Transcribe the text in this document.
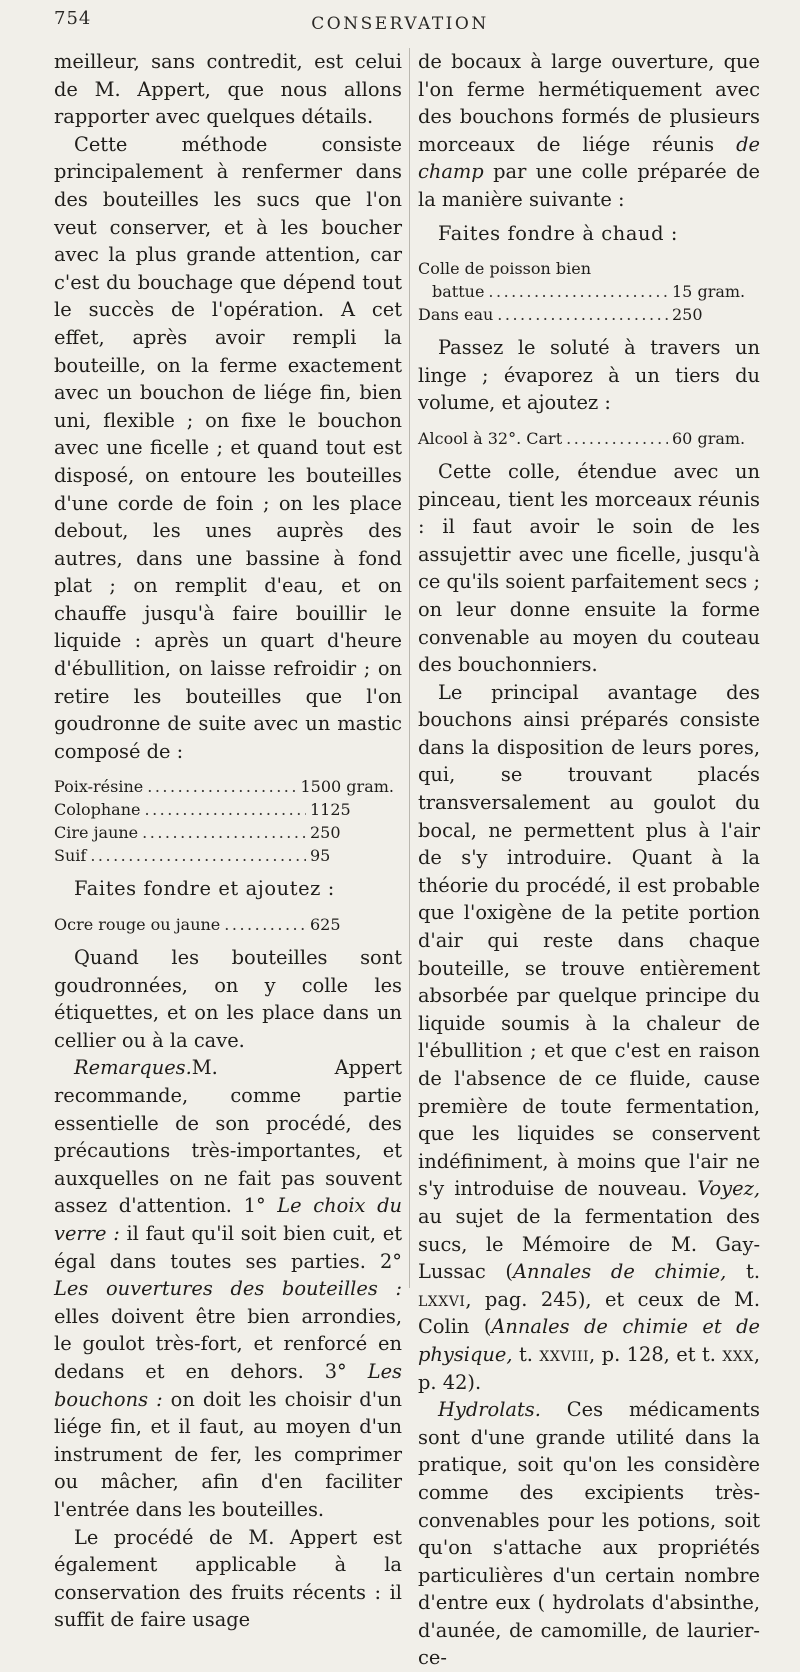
754	CONSERVATION

meilleur, sans contredit, est celui de M. Appert, que nous allons rapporter avec quelques détails.

Cette méthode consiste principalement à renfermer dans des bouteilles les sucs que l'on veut conserver, et à les boucher avec la plus grande attention, car c'est du bouchage que dépend tout le succès de l'opération. A cet effet, après avoir rempli la bouteille, on la ferme exactement avec un bouchon de liége fin, bien uni, flexible ; on fixe le bouchon avec une ficelle ; et quand tout est disposé, on entoure les bouteilles d'une corde de foin ; on les place debout, les unes auprès des autres, dans une bassine à fond plat ; on remplit d'eau, et on chauffe jusqu'à faire bouillir le liquide : après un quart d'heure d'ébullition, on laisse refroidir ; on retire les bouteilles que l'on goudronne de suite avec un mastic composé de :

Poix-résine .....	1500 gram.
Colophane .....	1125
Cire jaune .....	250
Suif .....	95

Faites fondre et ajoutez :

Ocre rouge ou jaune .....	625

Quand les bouteilles sont goudronnées, on y colle les étiquettes, et on les place dans un cellier ou à la cave.

Remarques.M. Appert recommande, comme partie essentielle de son procédé, des précautions très-importantes, et auxquelles on ne fait pas souvent assez d'attention. 1° Le choix du verre : il faut qu'il soit bien cuit, et égal dans toutes ses parties. 2° Les ouvertures des bouteilles : elles doivent être bien arrondies, le goulot très-fort, et renforcé en dedans et en dehors. 3° Les bouchons : on doit les choisir d'un liége fin, et il faut, au moyen d'un instrument de fer, les comprimer ou mâcher, afin d'en faciliter l'entrée dans les bouteilles.

Le procédé de M. Appert est également applicable à la conservation des fruits récents : il suffit de faire usage

de bocaux à large ouverture, que l'on ferme hermétiquement avec des bouchons formés de plusieurs morceaux de liége réunis de champ par une colle préparée de la manière suivante :

Faites fondre à chaud :

Colle de poisson bien
battue .....	15 gram.
Dans eau .....	250

Passez le soluté à travers un linge ; évaporez à un tiers du volume, et ajoutez :

Alcool à 32°. Cart .....	60 gram.

Cette colle, étendue avec un pinceau, tient les morceaux réunis : il faut avoir le soin de les assujettir avec une ficelle, jusqu'à ce qu'ils soient parfaitement secs ; on leur donne ensuite la forme convenable au moyen du couteau des bouchonniers.

Le principal avantage des bouchons ainsi préparés consiste dans la disposition de leurs pores, qui, se trouvant placés transversalement au goulot du bocal, ne permettent plus à l'air de s'y introduire. Quant à la théorie du procédé, il est probable que l'oxigène de la petite portion d'air qui reste dans chaque bouteille, se trouve entièrement absorbée par quelque principe du liquide soumis à la chaleur de l'ébullition ; et que c'est en raison de l'absence de ce fluide, cause première de toute fermentation, que les liquides se conservent indéfiniment, à moins que l'air ne s'y introduise de nouveau. Voyez, au sujet de la fermentation des sucs, le Mémoire de M. Gay-Lussac (Annales de chimie, t. lxxvi, pag. 245), et ceux de M. Colin (Annales de chimie et de physique, t. xxviii, p. 128, et t. xxx, p. 42).

Hydrolats. Ces médicaments sont d'une grande utilité dans la pratique, soit qu'on les considère comme des excipients très-convenables pour les potions, soit qu'on s'attache aux propriétés particulières d'un certain nombre d'entre eux ( hydrolats d'absinthe, d'aunée, de camomille, de laurier-ce-
